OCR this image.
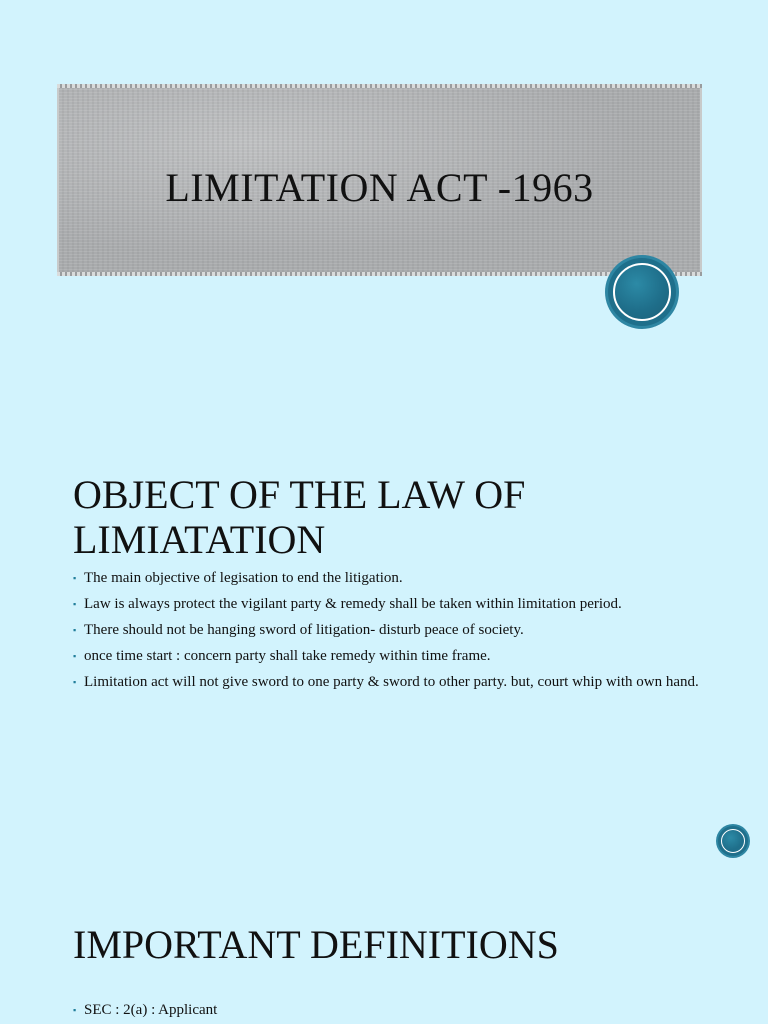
LIMITATION ACT -1963
OBJECT OF THE LAW OF
LIMIATATION
▪ The main objective of legisation to end the litigation.
▪ Law is always protect the vigilant party & remedy shall be taken within limitation period.
▪ There should not be hanging sword of litigation- disturb peace of society.
▪ once time start : concern party shall take remedy within time frame.
▪ Limitation act will not give sword to one party & sword to other party. but, court whip with own hand.
IMPORTANT DEFINITIONS
▪ SEC : 2(a) : Applicant
